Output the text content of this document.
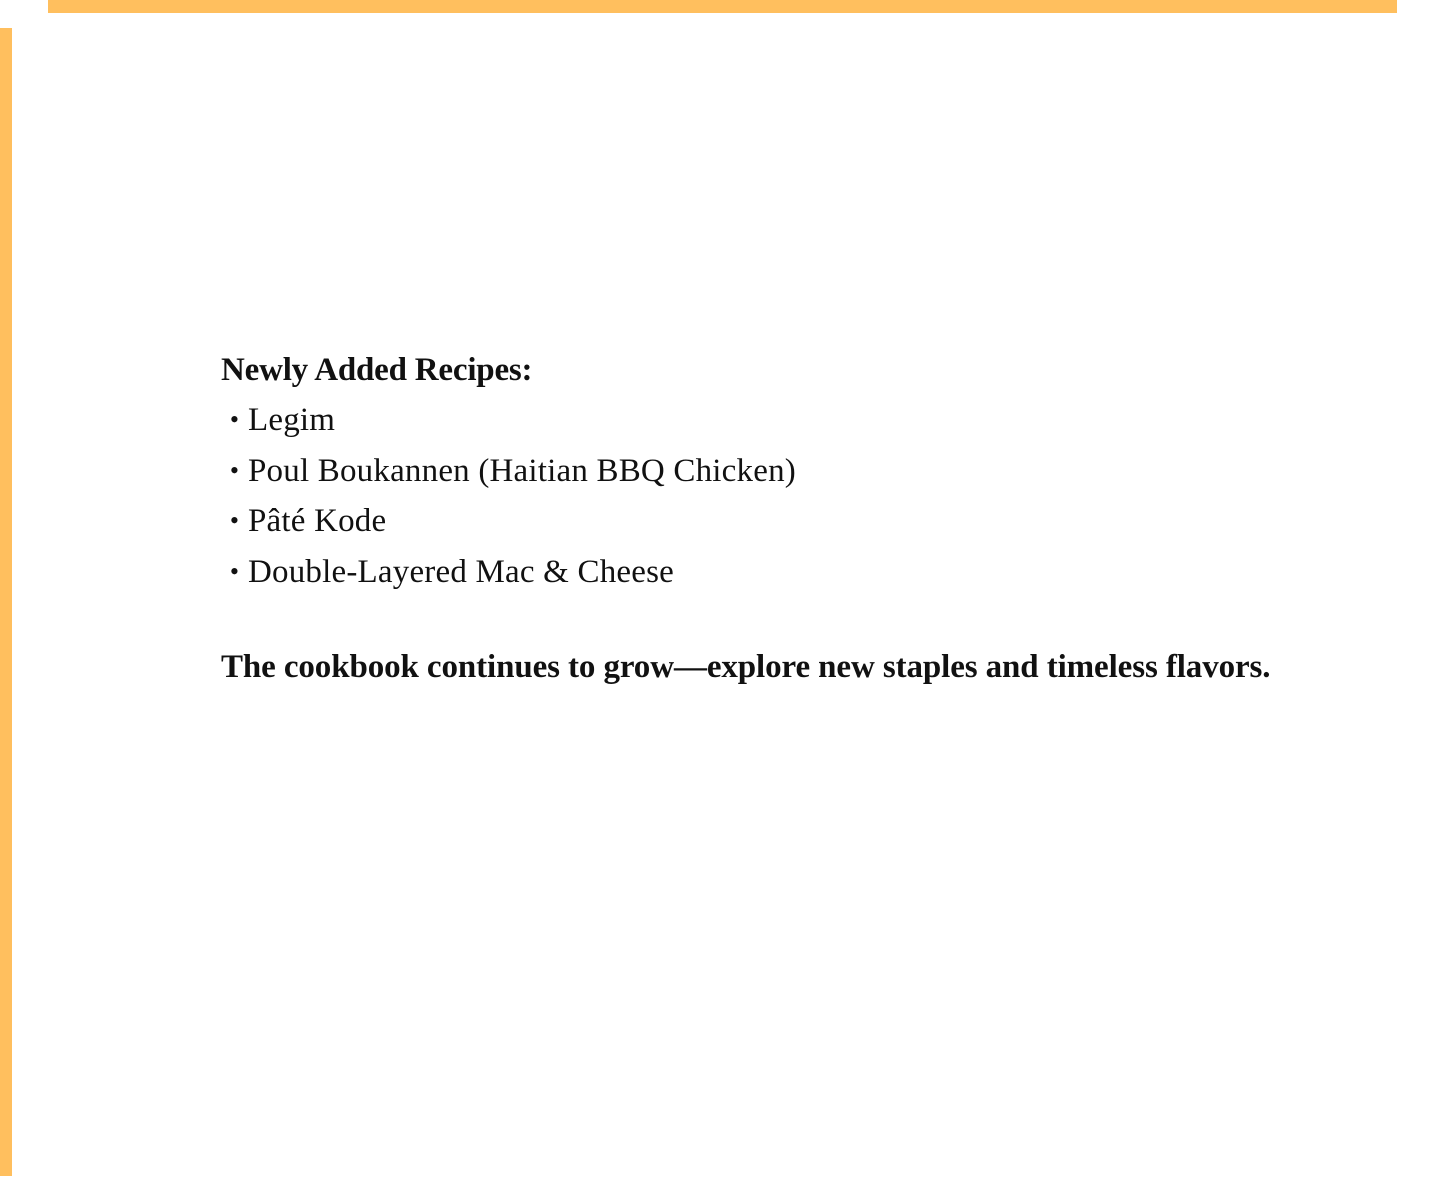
Newly Added Recipes:
• Legim
• Poul Boukannen (Haitian BBQ Chicken)
• Pâté Kode
• Double-Layered Mac & Cheese

The cookbook continues to grow—explore new staples and timeless flavors.
